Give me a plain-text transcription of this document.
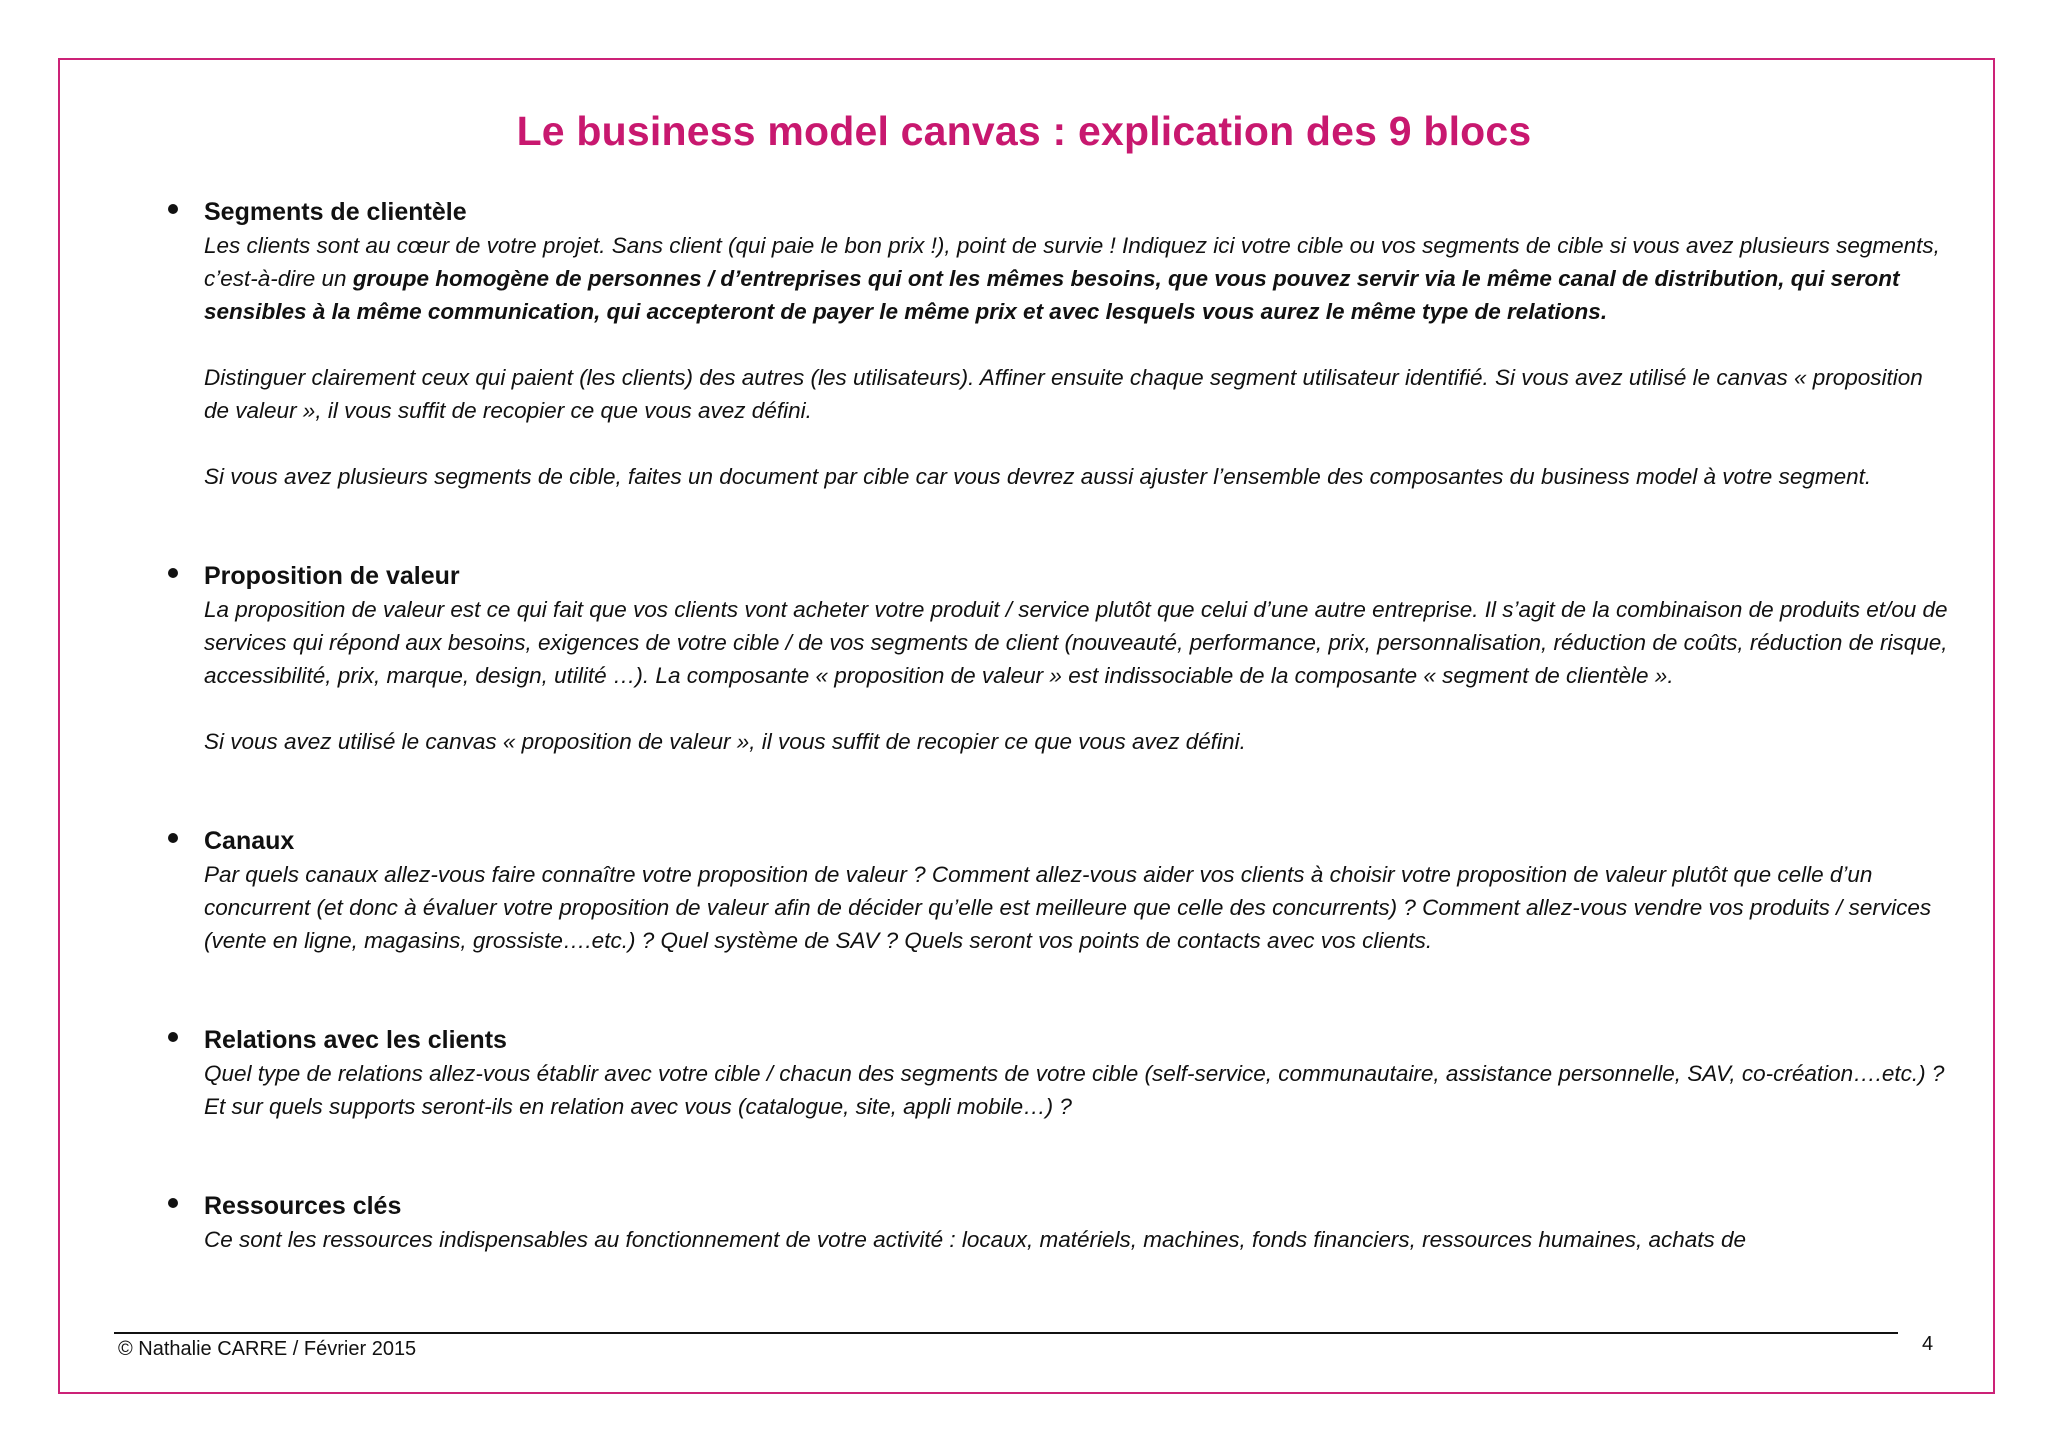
Le business model canvas : explication des 9 blocs

Segments de clientèle

Les clients sont au cœur de votre projet. Sans client (qui paie le bon prix !), point de survie ! Indiquez ici votre cible ou vos segments de cible si vous avez plusieurs segments, c’est-à-dire un groupe homogène de personnes / d’entreprises qui ont les mêmes besoins, que vous pouvez servir via le même canal de distribution, qui seront sensibles à la même communication, qui accepteront de payer le même prix et avec lesquels vous aurez le même type de relations.

Distinguer clairement ceux qui paient (les clients) des autres (les utilisateurs). Affiner ensuite chaque segment utilisateur identifié. Si vous avez utilisé le canvas « proposition de valeur », il vous suffit de recopier ce que vous avez défini.

Si vous avez plusieurs segments de cible, faites un document par cible car vous devrez aussi ajuster l’ensemble des composantes du business model à votre segment.

Proposition de valeur

La proposition de valeur est ce qui fait que vos clients vont acheter votre produit / service plutôt que celui d’une autre entreprise. Il s’agit de la combinaison de produits et/ou de services qui répond aux besoins, exigences de votre cible / de vos segments de client (nouveauté, performance, prix, personnalisation, réduction de coûts, réduction de risque, accessibilité, prix, marque, design, utilité …). La composante « proposition de valeur » est indissociable de la composante « segment de clientèle ».

Si vous avez utilisé le canvas « proposition de valeur », il vous suffit de recopier ce que vous avez défini.

Canaux

Par quels canaux allez-vous faire connaître votre proposition de valeur ? Comment allez-vous aider vos clients à choisir votre proposition de valeur plutôt que celle d’un concurrent (et donc à évaluer votre proposition de valeur afin de décider qu’elle est meilleure que celle des concurrents) ? Comment allez-vous vendre vos produits / services (vente en ligne, magasins, grossiste….etc.) ? Quel système de SAV ? Quels seront vos points de contacts avec vos clients.

Relations avec les clients

Quel type de relations allez-vous établir avec votre cible / chacun des segments de votre cible (self-service, communautaire, assistance personnelle, SAV, co-création….etc.) ? Et sur quels supports seront-ils en relation avec vous (catalogue, site, appli mobile…) ?

Ressources clés

Ce sont les ressources indispensables au fonctionnement de votre activité : locaux, matériels, machines, fonds financiers, ressources humaines, achats de

© Nathalie CARRE / Février 2015	4
